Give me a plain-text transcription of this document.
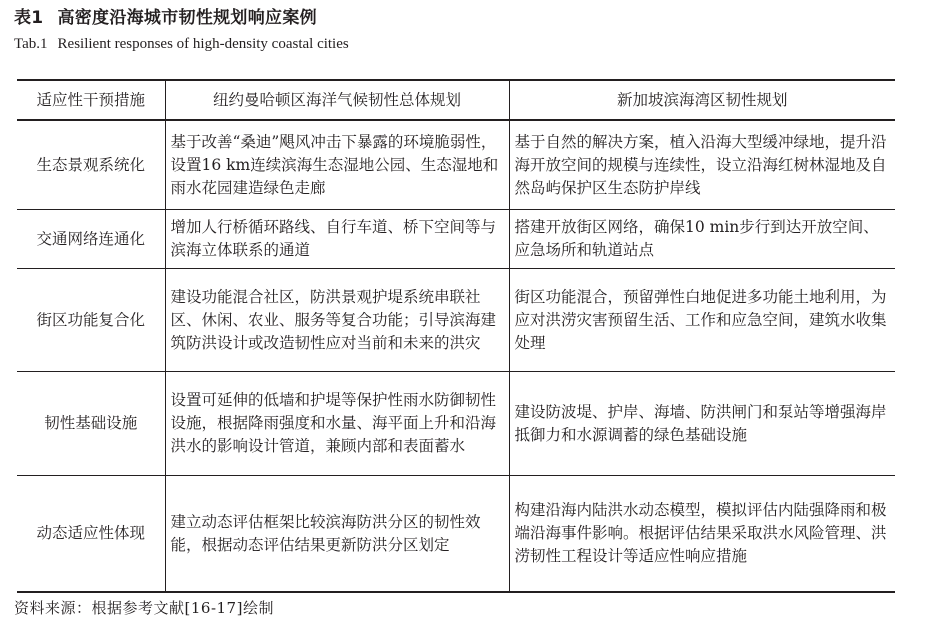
表1 高密度沿海城市韧性规划响应案例
Tab.1 Resilient responses of high-density coastal cities
适应性干预措施	纽约曼哈顿区海洋气候韧性总体规划	新加坡滨海湾区韧性规划
生态景观系统化	基于改善“桑迪”飓风冲击下暴露的环境脆弱性，设置16 km连续滨海生态湿地公园、生态湿地和雨水花园建造绿色走廊	基于自然的解决方案，植入沿海大型缓冲绿地，提升沿海开放空间的规模与连续性，设立沿海红树林湿地及自然岛屿保护区生态防护岸线
交通网络连通化	增加人行桥循环路线、自行车道、桥下空间等与滨海立体联系的通道	搭建开放街区网络，确保10 min步行到达开放空间、应急场所和轨道站点
街区功能复合化	建设功能混合社区，防洪景观护堤系统串联社区、休闲、农业、服务等复合功能；引导滨海建筑防洪设计或改造韧性应对当前和未来的洪灾	街区功能混合，预留弹性白地促进多功能土地利用，为应对洪涝灾害预留生活、工作和应急空间，建筑水收集处理
韧性基础设施	设置可延伸的低墙和护堤等保护性雨水防御韧性设施，根据降雨强度和水量、海平面上升和沿海洪水的影响设计管道，兼顾内部和表面蓄水	建设防波堤、护岸、海墙、防洪闸门和泵站等增强海岸抵御力和水源调蓄的绿色基础设施
动态适应性体现	建立动态评估框架比较滨海防洪分区的韧性效能，根据动态评估结果更新防洪分区划定	构建沿海内陆洪水动态模型，模拟评估内陆强降雨和极端沿海事件影响。根据评估结果采取洪水风险管理、洪涝韧性工程设计等适应性响应措施
资料来源：根据参考文献[16-17]绘制
